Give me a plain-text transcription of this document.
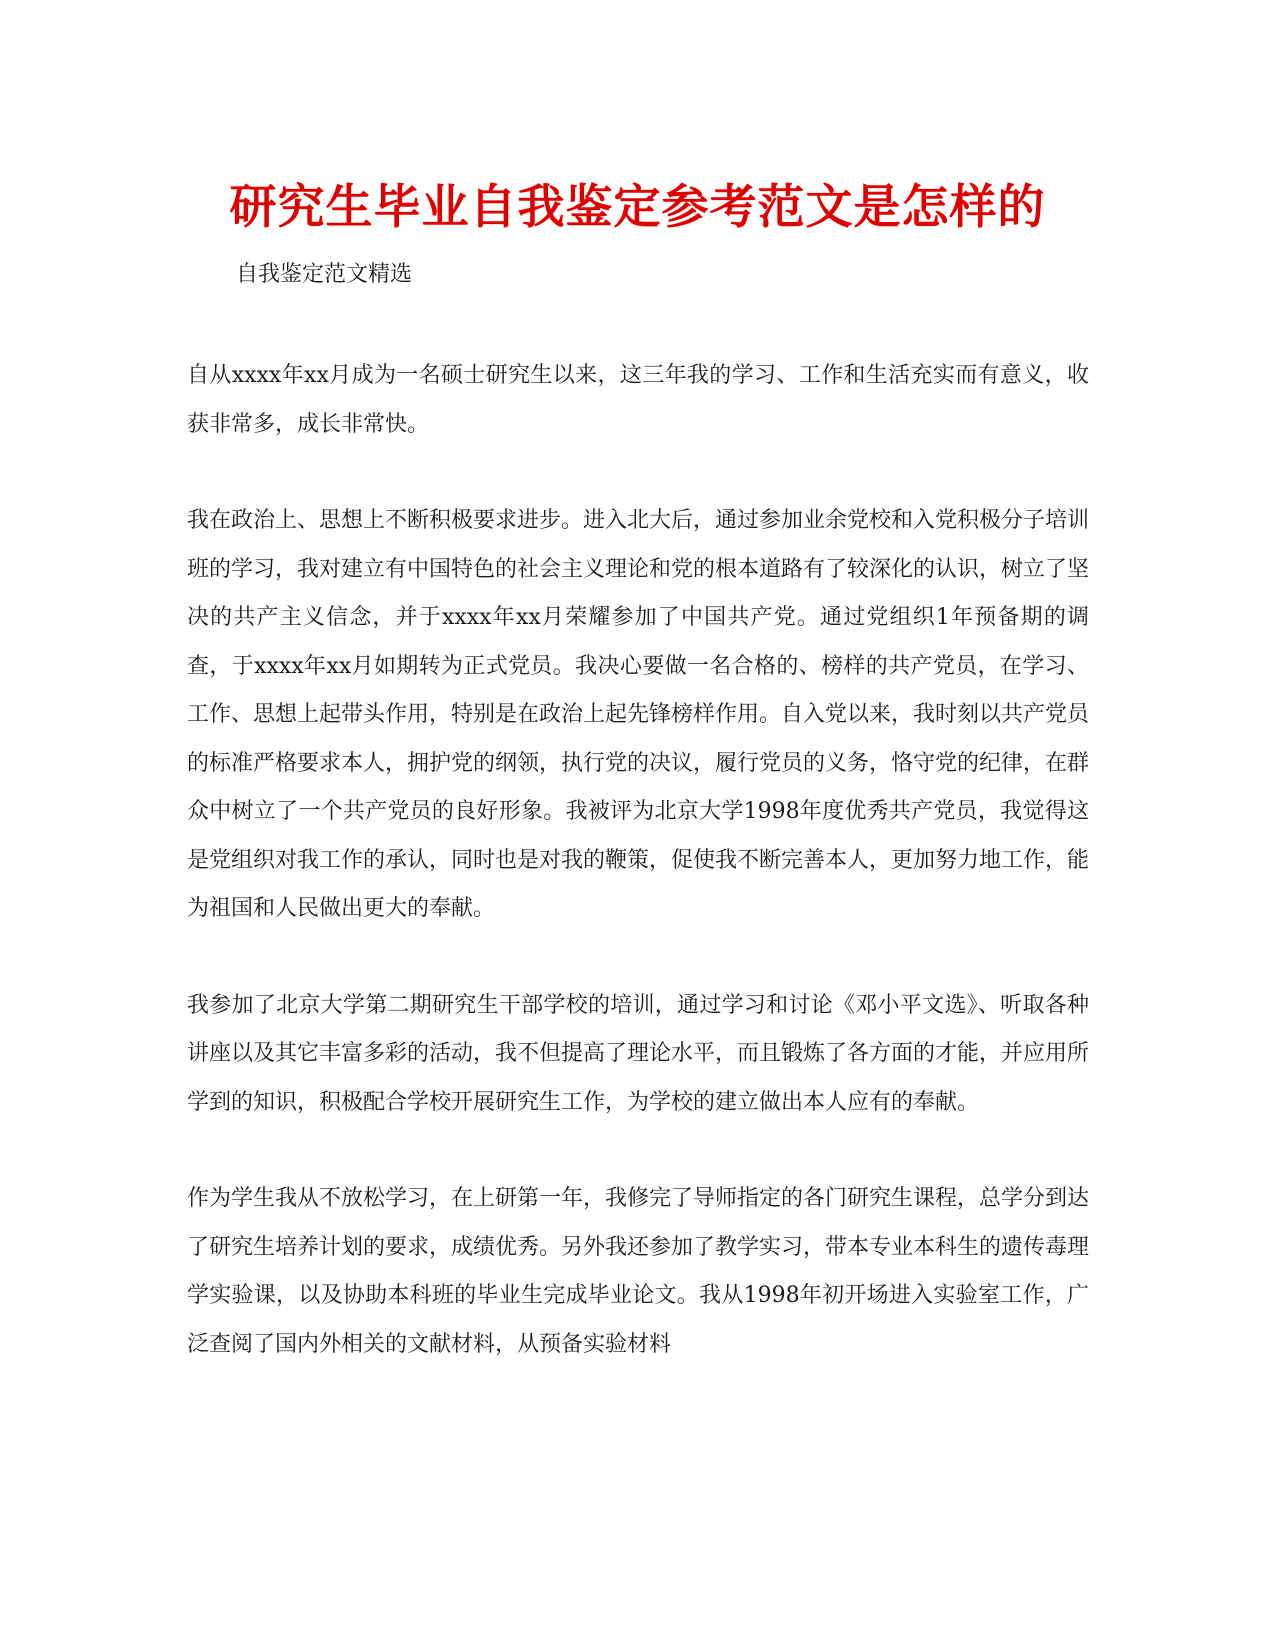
研究生毕业自我鉴定参考范文是怎样的

自我鉴定范文精选

自从xxxx年xx月成为一名硕士研究生以来，这三年我的学习、工作和生活充实而有意义，收获非常多，成长非常快。

我在政治上、思想上不断积极要求进步。进入北大后，通过参加业余党校和入党积极分子培训班的学习，我对建立有中国特色的社会主义理论和党的根本道路有了较深化的认识，树立了坚决的共产主义信念，并于xxxx年xx月荣耀参加了中国共产党。通过党组织1年预备期的调查，于xxxx年xx月如期转为正式党员。我决心要做一名合格的、榜样的共产党员，在学习、工作、思想上起带头作用，特别是在政治上起先锋榜样作用。自入党以来，我时刻以共产党员的标准严格要求本人，拥护党的纲领，执行党的决议，履行党员的义务，恪守党的纪律，在群众中树立了一个共产党员的良好形象。我被评为北京大学1998年度优秀共产党员，我觉得这是党组织对我工作的承认，同时也是对我的鞭策，促使我不断完善本人，更加努力地工作，能为祖国和人民做出更大的奉献。

我参加了北京大学第二期研究生干部学校的培训，通过学习和讨论《邓小平文选》、听取各种讲座以及其它丰富多彩的活动，我不但提高了理论水平，而且锻炼了各方面的才能，并应用所学到的知识，积极配合学校开展研究生工作，为学校的建立做出本人应有的奉献。

作为学生我从不放松学习，在上研第一年，我修完了导师指定的各门研究生课程，总学分到达了研究生培养计划的要求，成绩优秀。另外我还参加了教学实习，带本专业本科生的遗传毒理学实验课，以及协助本科班的毕业生完成毕业论文。我从1998年初开场进入实验室工作，广泛查阅了国内外相关的文献材料，从预备实验材料
